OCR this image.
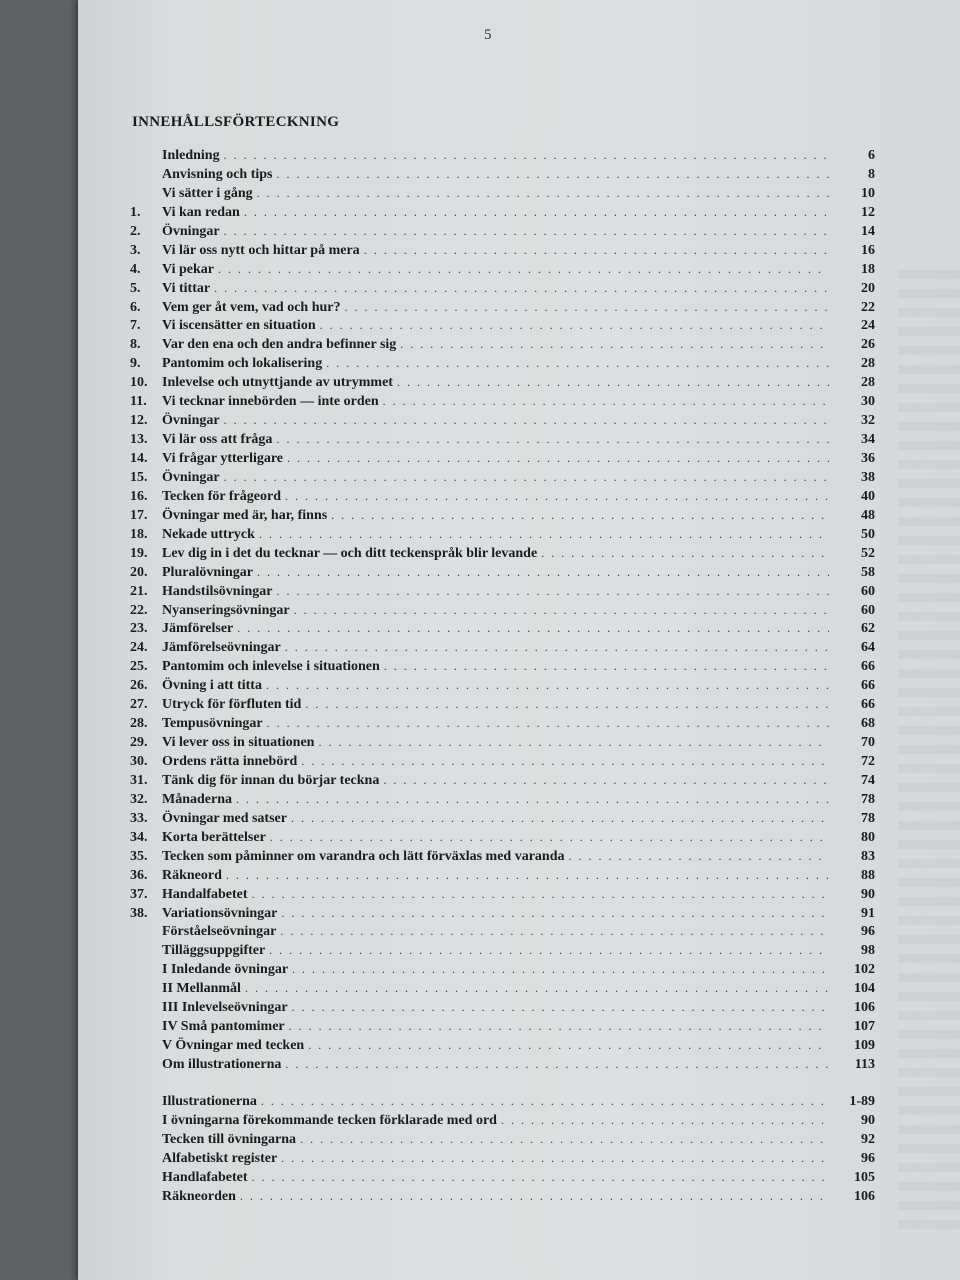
5
INNEHÅLLSFÖRTECKNING
Inledning . . .	6
Anvisning och tips . . .	8
Vi sätter i gång . . .	10
1.	Vi kan redan . . .	12
2.	Övningar . . .	14
3.	Vi lär oss nytt och hittar på mera . . .	16
4.	Vi pekar . . .	18
5.	Vi tittar . . .	20
6.	Vem ger åt vem, vad och hur? . . .	22
7.	Vi iscensätter en situation . . .	24
8.	Var den ena och den andra befinner sig . . .	26
9.	Pantomim och lokalisering . . .	28
10.	Inlevelse och utnyttjande av utrymmet . . .	28
11.	Vi tecknar innebörden — inte orden . . .	30
12.	Övningar . . .	32
13.	Vi lär oss att fråga . . .	34
14.	Vi frågar ytterligare . . .	36
15.	Övningar . . .	38
16.	Tecken för frågeord . . .	40
17.	Övningar med är, har, finns . . .	48
18.	Nekade uttryck . . .	50
19.	Lev dig in i det du tecknar — och ditt teckenspråk blir levande . . .	52
20.	Pluralövningar . . .	58
21.	Handstilsövningar . . .	60
22.	Nyanseringsövningar . . .	60
23.	Jämförelser . . .	62
24.	Jämförelseövningar . . .	64
25.	Pantomim och inlevelse i situationen . . .	66
26.	Övning i att titta . . .	66
27.	Utryck för förfluten tid . . .	66
28.	Tempusövningar . . .	68
29.	Vi lever oss in situationen . . .	70
30.	Ordens rätta innebörd . . .	72
31.	Tänk dig för innan du börjar teckna . . .	74
32.	Månaderna . . .	78
33.	Övningar med satser . . .	78
34.	Korta berättelser . . .	80
35.	Tecken som påminner om varandra och lätt förväxlas med varanda . . .	83
36.	Räkneord . . .	88
37.	Handalfabetet . . .	90
38.	Variationsövningar . . .	91
Förståelseövningar . . .	96
Tilläggsuppgifter . . .	98
I Inledande övningar . . .	102
II Mellanmål . . .	104
III Inlevelseövningar . . .	106
IV Små pantomimer . . .	107
V Övningar med tecken . . .	109
Om illustrationerna . . .	113
Illustrationerna . . .	1-89
I övningarna förekommande tecken förklarade med ord . . .	90
Tecken till övningarna . . .	92
Alfabetiskt register . . .	96
Handlafabetet . . .	105
Räkneorden . . .	106
